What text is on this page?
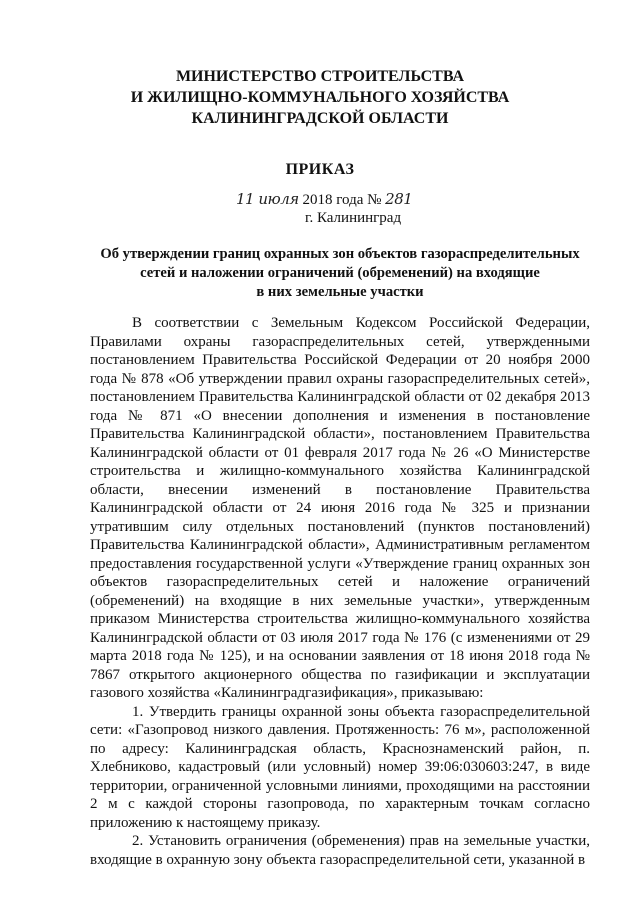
МИНИСТЕРСТВО СТРОИТЕЛЬСТВА
И ЖИЛИЩНО-КОММУНАЛЬНОГО ХОЗЯЙСТВА
КАЛИНИНГРАДСКОЙ ОБЛАСТИ
ПРИКАЗ
11 июля 2018 года № 281
г. Калининград
Об утверждении границ охранных зон объектов газораспределительных
сетей и наложении ограничений (обременений) на входящие
в них земельные участки

В соответствии с Земельным Кодексом Российской Федерации, Правилами охраны газораспределительных сетей, утвержденными постановлением Правительства Российской Федерации от 20 ноября 2000 года № 878 «Об утверждении правил охраны газораспределительных сетей», постановлением Правительства Калининградской области от 02 декабря 2013 года № 871 «О внесении дополнения и изменения в постановление Правительства Калининградской области», постановлением Правительства Калининградской области от 01 февраля 2017 года № 26 «О Министерстве строительства и жилищно-коммунального хозяйства Калининградской области, внесении изменений в постановление Правительства Калининградской области от 24 июня 2016 года № 325 и признании утратившим силу отдельных постановлений (пунктов постановлений) Правительства Калининградской области», Административным регламентом предоставления государственной услуги «Утверждение границ охранных зон объектов газораспределительных сетей и наложение ограничений (обременений) на входящие в них земельные участки», утвержденным приказом Министерства строительства жилищно-коммунального хозяйства Калининградской области от 03 июля 2017 года № 176 (с изменениями от 29 марта 2018 года № 125), и на основании заявления от 18 июня 2018 года № 7867 открытого акционерного общества по газификации и эксплуатации газового хозяйства «Калининградгазификация», приказываю:

1. Утвердить границы охранной зоны объекта газораспределительной сети: «Газопровод низкого давления. Протяженность: 76 м», расположенной по адресу: Калининградская область, Краснознаменский район, п. Хлебниково, кадастровый (или условный) номер 39:06:030603:247, в виде территории, ограниченной условными линиями, проходящими на расстоянии 2 м с каждой стороны газопровода, по характерным точкам согласно приложению к настоящему приказу.

2. Установить ограничения (обременения) прав на земельные участки, входящие в охранную зону объекта газораспределительной сети, указанной в
